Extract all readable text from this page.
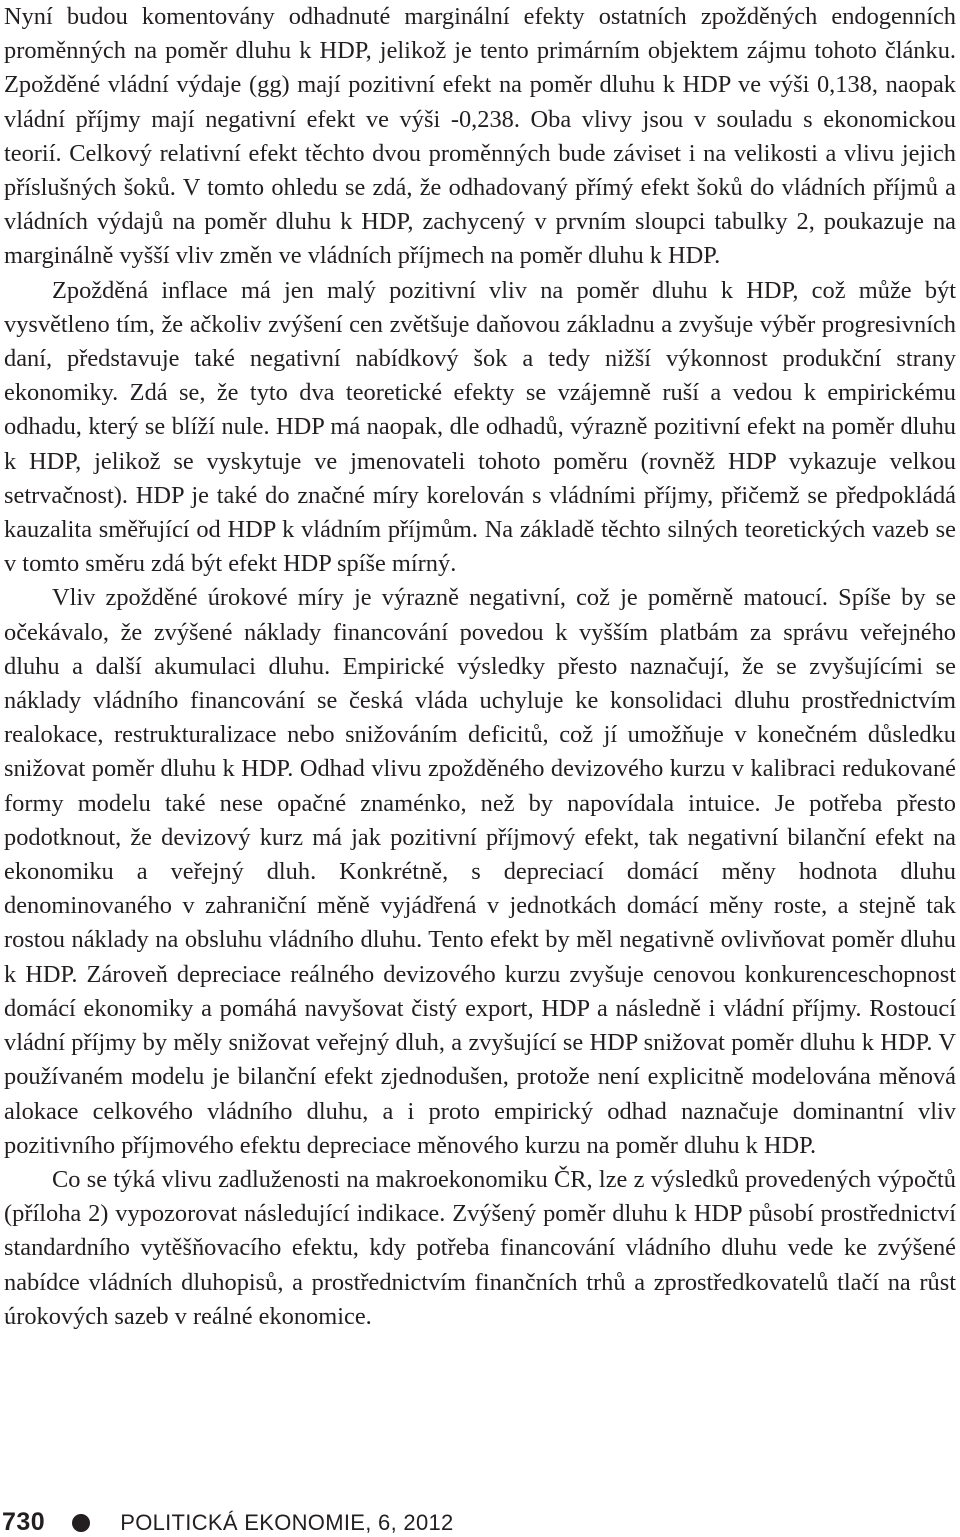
Nyní budou komentovány odhadnuté marginální efekty ostatních zpožděných endogenních proměnných na poměr dluhu k HDP, jelikož je tento primárním objektem zájmu tohoto článku. Zpožděné vládní výdaje (gg) mají pozitivní efekt na poměr dluhu k HDP ve výši 0,138, naopak vládní příjmy mají negativní efekt ve výši -0,238. Oba vlivy jsou v souladu s ekonomickou teorií. Celkový relativní efekt těchto dvou proměnných bude záviset i na velikosti a vlivu jejich příslušných šoků. V tomto ohledu se zdá, že odhadovaný přímý efekt šoků do vládních příjmů a vládních výdajů na poměr dluhu k HDP, zachycený v prvním sloupci tabulky 2, poukazuje na marginálně vyšší vliv změn ve vládních příjmech na poměr dluhu k HDP.

Zpožděná inflace má jen malý pozitivní vliv na poměr dluhu k HDP, což může být vysvětleno tím, že ačkoliv zvýšení cen zvětšuje daňovou základnu a zvyšuje výběr progresivních daní, představuje také negativní nabídkový šok a tedy nižší výkonnost produkční strany ekonomiky. Zdá se, že tyto dva teoretické efekty se vzájemně ruší a vedou k empirickému odhadu, který se blíží nule. HDP má naopak, dle odhadů, výrazně pozitivní efekt na poměr dluhu k HDP, jelikož se vyskytuje ve jmenovateli tohoto poměru (rovněž HDP vykazuje velkou setrvačnost). HDP je také do značné míry korelován s vládními příjmy, přičemž se předpokládá kauzalita směřující od HDP k vládním příjmům. Na základě těchto silných teoretických vazeb se v tomto směru zdá být efekt HDP spíše mírný.

Vliv zpožděné úrokové míry je výrazně negativní, což je poměrně matoucí. Spíše by se očekávalo, že zvýšené náklady financování povedou k vyšším platbám za správu veřejného dluhu a další akumulaci dluhu. Empirické výsledky přesto naznačují, že se zvyšujícími se náklady vládního financování se česká vláda uchyluje ke konsolidaci dluhu prostřednictvím realokace, restrukturalizace nebo snižováním deficitů, což jí umožňuje v konečném důsledku snižovat poměr dluhu k HDP. Odhad vlivu zpožděného devizového kurzu v kalibraci redukované formy modelu také nese opačné znaménko, než by napovídala intuice. Je potřeba přesto podotknout, že devizový kurz má jak pozitivní příjmový efekt, tak negativní bilanční efekt na ekonomiku a veřejný dluh. Konkrétně, s depreciací domácí měny hodnota dluhu denominovaného v zahraniční měně vyjádřená v jednotkách domácí měny roste, a stejně tak rostou náklady na obsluhu vládního dluhu. Tento efekt by měl negativně ovlivňovat poměr dluhu k HDP. Zároveň depreciace reálného devizového kurzu zvyšuje cenovou konkurenceschopnost domácí ekonomiky a pomáhá navyšovat čistý export, HDP a následně i vládní příjmy. Rostoucí vládní příjmy by měly snižovat veřejný dluh, a zvyšující se HDP snižovat poměr dluhu k HDP. V používaném modelu je bilanční efekt zjednodušen, protože není explicitně modelována měnová alokace celkového vládního dluhu, a i proto empirický odhad naznačuje dominantní vliv pozitivního příjmového efektu depreciace měnového kurzu na poměr dluhu k HDP.

Co se týká vlivu zadluženosti na makroekonomiku ČR, lze z výsledků provedených výpočtů (příloha 2) vypozorovat následující indikace. Zvýšený poměr dluhu k HDP působí prostřednictví standardního vytěšňovacího efektu, kdy potřeba financování vládního dluhu vede ke zvýšené nabídce vládních dluhopisů, a prostřednictvím finančních trhů a zprostředkovatelů tlačí na růst úrokových sazeb v reálné ekonomice.

730	POLITICKÁ EKONOMIE, 6, 2012
